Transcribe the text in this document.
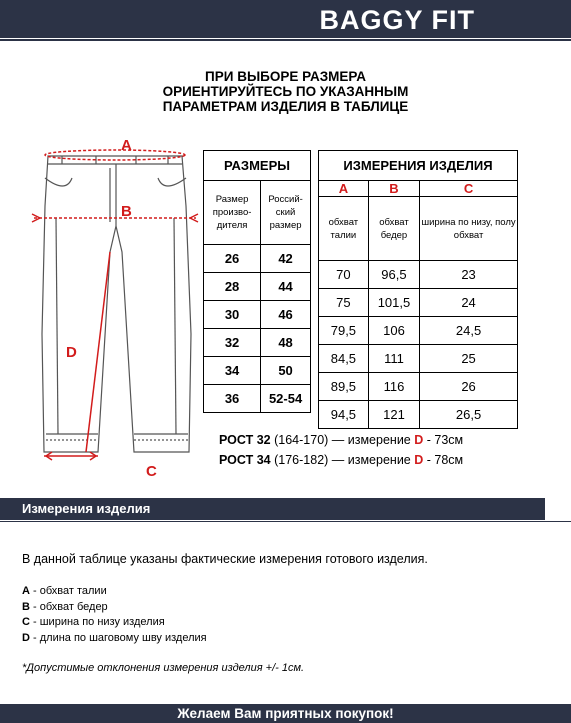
BAGGY FIT
ПРИ ВЫБОРЕ РАЗМЕРА
ОРИЕНТИРУЙТЕСЬ ПО УКАЗАННЫМ
ПАРАМЕТРАМ ИЗДЕЛИЯ В ТАБЛИЦЕ
A
B
D
C
РАЗМЕРЫ	
Размер произво- дителя	Россий- ский размер
26	42
28	44
30	46
32	48
34	50
36	52-54
ИЗМЕРЕНИЯ ИЗДЕЛИЯ		
A	B	C
обхват талии	обхват бедер	ширина по низу, полу обхват
70	96,5	23
75	101,5	24
79,5	106	24,5
84,5	111	25
89,5	116	26
94,5	121	26,5
РОСТ 32 (164-170) — измерение D - 73см
РОСТ 34 (176-182) — измерение D - 78см
Измерения изделия
В данной таблице указаны фактические измерения готового изделия.
A - обхват талии
B - обхват бедер
C - ширина по низу изделия
D - длина по шаговому шву изделия
*Допустимые отклонения измерения изделия +/- 1см.
Желаем Вам приятных покупок!
